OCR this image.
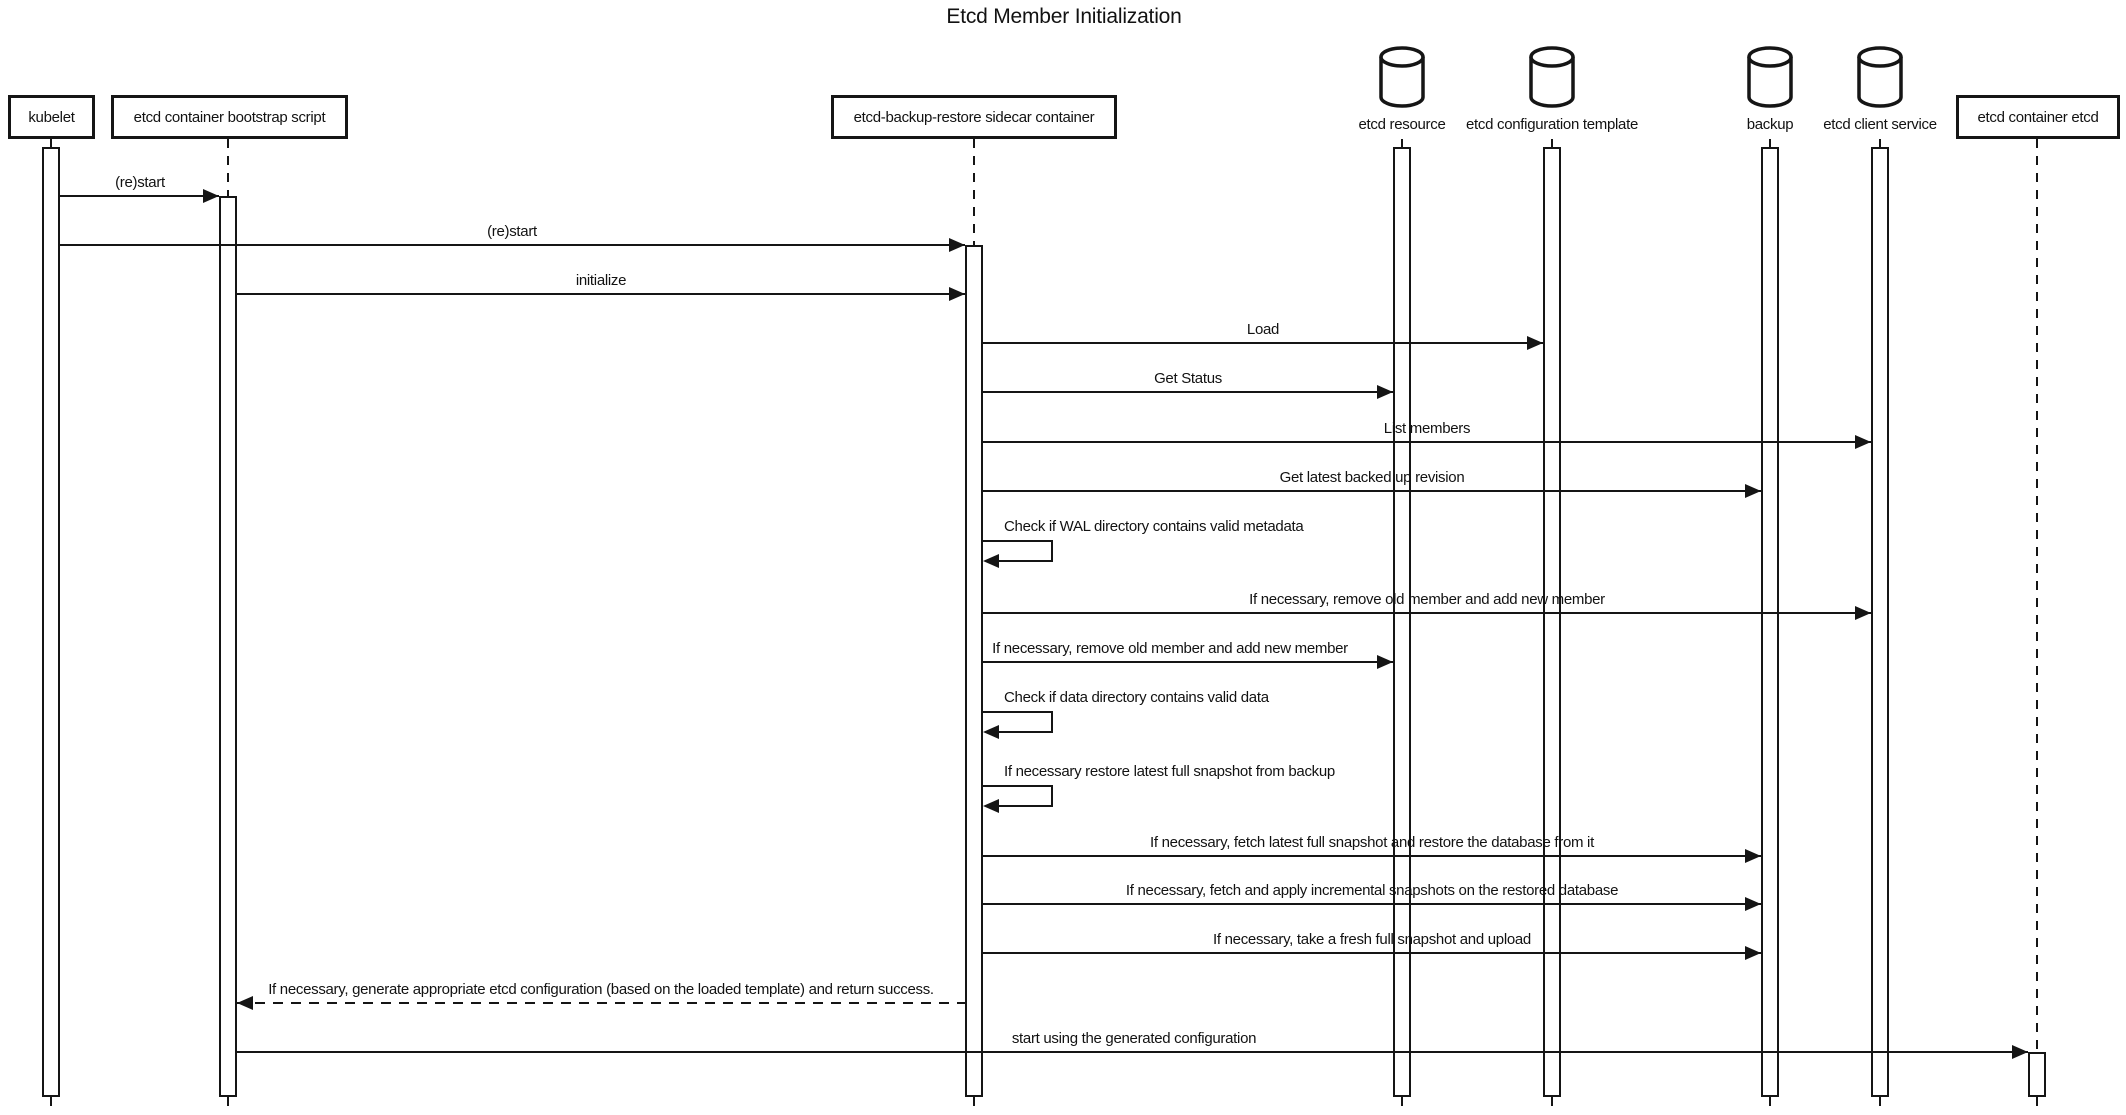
Etcd Member Initialization
(re)start
(re)start
initialize
Load
Get Status
List members
Get latest backed up revision
Check if WAL directory contains valid metadata
If necessary, remove old member and add new member
If necessary, remove old member and add new member
Check if data directory contains valid data
If necessary restore latest full snapshot from backup
If necessary, fetch latest full snapshot and restore the database from it
If necessary, fetch and apply incremental snapshots on the restored database
If necessary, take a fresh full snapshot and upload
If necessary, generate appropriate etcd configuration (based on the loaded template) and return success.
start using the generated configuration
kubelet	etcd container bootstrap script	etcd-backup-restore sidecar container	etcd container etcd
etcd resource etcd configuration template	backup etcd client service
